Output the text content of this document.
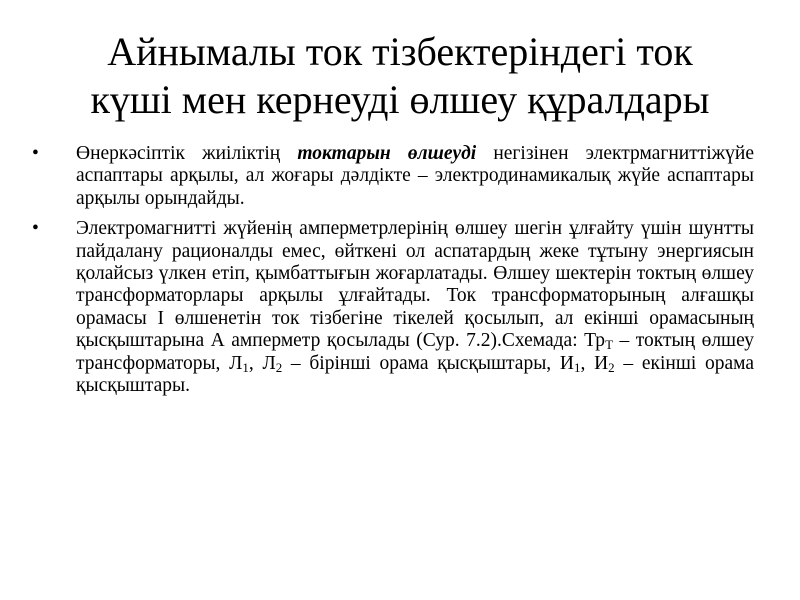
Айнымалы ток тізбектеріндегі ток
күші мен кернеуді өлшеу құралдары
• Өнеркәсіптік жиіліктің токтарын өлшеуді негізінен электрмагниттіжүйе аспаптары арқылы, ал жоғары дәлдікте – электродинамикалық жүйе аспаптары арқылы орындайды.
• Электромагнитті жүйенің амперметрлерінің өлшеу шегін ұлғайту үшін шунтты пайдалану рационалды емес, өйткені ол аспатардың жеке тұтыну энергиясын қолайсыз үлкен етіп, қымбаттығын жоғарлатады. Өлшеу шектерін токтың өлшеу трансформаторлары арқылы ұлғайтады. Ток трансформаторының алғашқы орамасы I өлшенетін ток тізбегіне тікелей қосылып, ал екінші орамасының қысқыштарына А амперметр қосылады (Сур. 7.2).Схемада: $Тр_Т$ – токтың өлшеу трансформаторы, $Л_1$, $Л_2$ – бірінші орама қысқыштары, $И_1$, $И_2$ – екінші орама қысқыштары.
